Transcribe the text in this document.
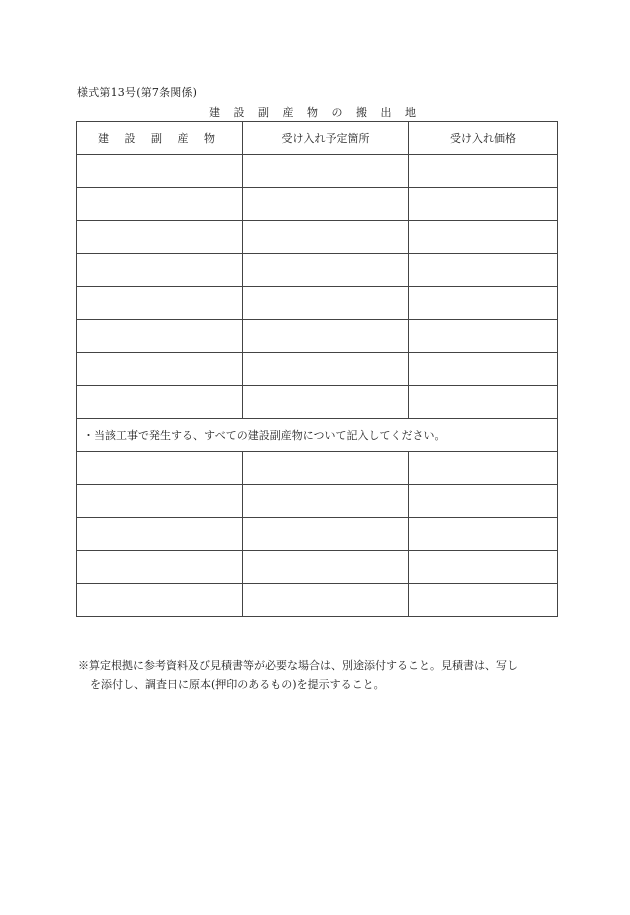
様式第13号(第7条関係)
建 設 副 産 物 の 搬 出 地
建 設 副 産 物	受け入れ予定箇所	受け入れ価格

・当該工事で発生する、すべての建設副産物について記入してください。		

※算定根拠に参考資料及び見積書等が必要な場合は、別途添付すること。見積書は、写し
を添付し、調査日に原本(押印のあるもの)を提示すること。
